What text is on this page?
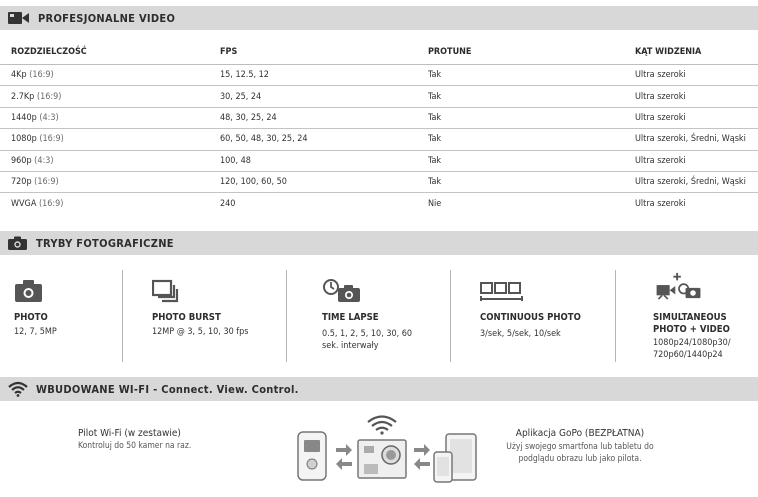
PROFESJONALNE VIDEO
ROZDZIELCZOŚĆ	FPS	PROTUNE	KĄT WIDZENIA
4Kp (16:9)	15, 12.5, 12	Tak	Ultra szeroki
2.7Kp (16:9)	30, 25, 24	Tak	Ultra szeroki
1440p (4:3)	48, 30, 25, 24	Tak	Ultra szeroki
1080p (16:9)	60, 50, 48, 30, 25, 24	Tak	Ultra szeroki, Średni, Wąski
960p (4:3)	100, 48	Tak	Ultra szeroki
720p (16:9)	120, 100, 60, 50	Tak	Ultra szeroki, Średni, Wąski
WVGA (16:9)	240	Nie	Ultra szeroki
TRYBY FOTOGRAFICZNE
PHOTO
12, 7, 5MP
PHOTO BURST
12MP @ 3, 5, 10, 30 fps
TIME LAPSE
0.5, 1, 2, 5, 10, 30, 60
sek. interwały
CONTINUOUS PHOTO
3/sek, 5/sek, 10/sek
SIMULTANEOUS
PHOTO + VIDEO
1080p24/1080p30/
720p60/1440p24
WBUDOWANE WI-FI - Connect. View. Control.
Pilot Wi-Fi (w zestawie)
Kontroluj do 50 kamer na raz.
Aplikacja GoPo (BEZPŁATNA)
Użyj swojego smartfona lub tabletu do
podglądu obrazu lub jako pilota.
